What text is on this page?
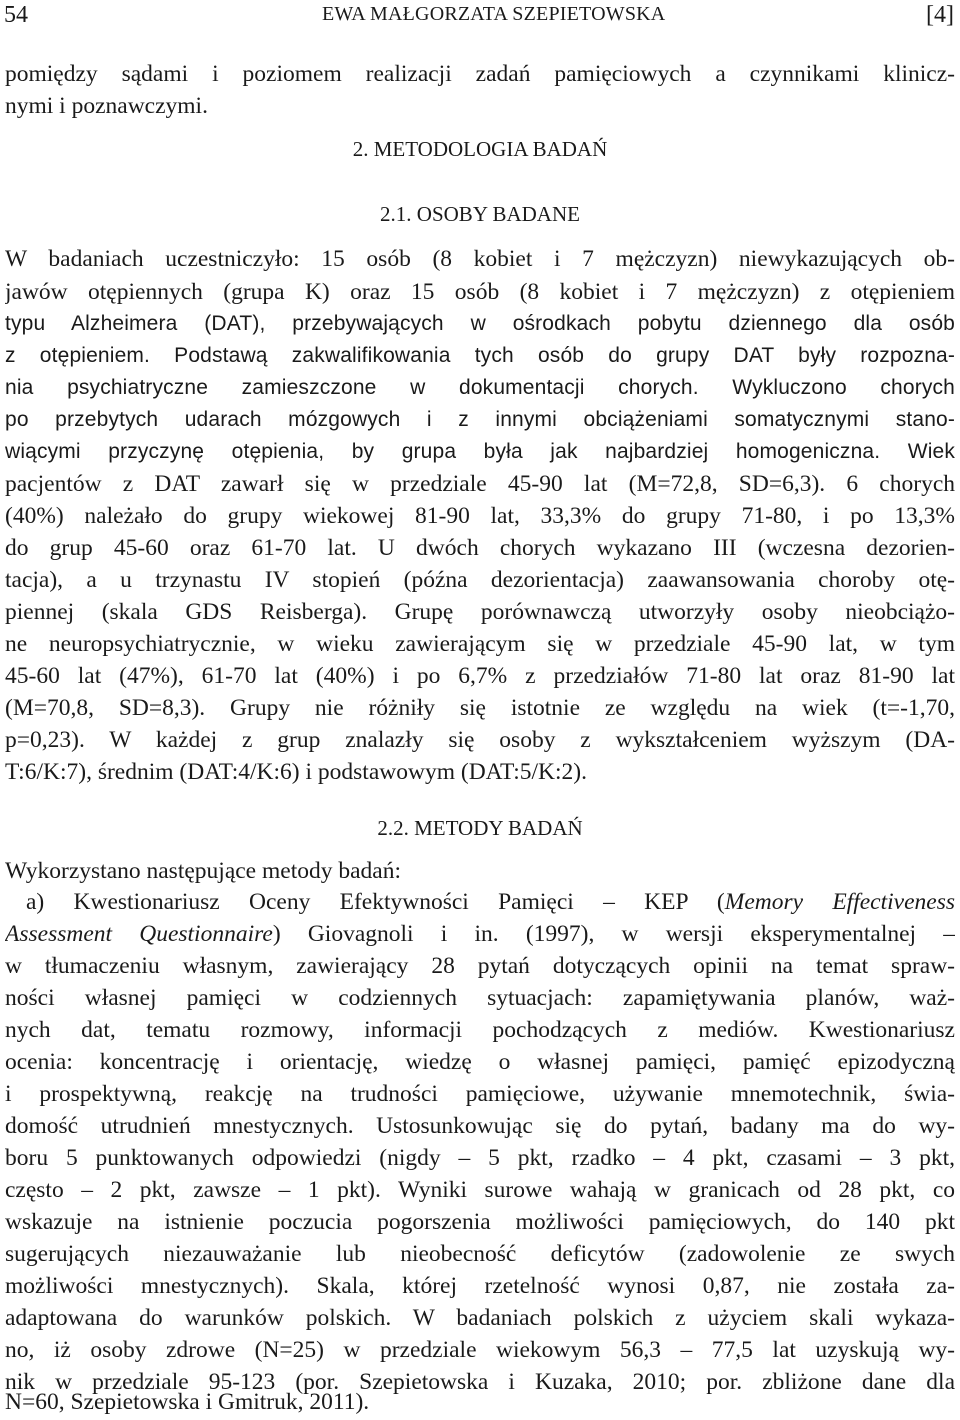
54	EWA MAŁGORZATA SZEPIETOWSKA	[4]
pomiędzy sądami i poziomem realizacji zadań pamięciowych a czynnikami klinicz-
nymi i poznawczymi.
2. METODOLOGIA BADAŃ
2.1. OSOBY BADANE
W badaniach uczestniczyło: 15 osób (8 kobiet i 7 mężczyzn) niewykazujących ob-
jawów otępiennych (grupa K) oraz 15 osób (8 kobiet i 7 mężczyzn) z otępieniem
typu Alzheimera (DAT), przebywających w ośrodkach pobytu dziennego dla osób
z otępieniem. Podstawą zakwalifikowania tych osób do grupy DAT były rozpozna-
nia psychiatryczne zamieszczone w dokumentacji chorych. Wykluczono chorych
po przebytych udarach mózgowych i z innymi obciążeniami somatycznymi stano-
wiącymi przyczynę otępienia, by grupa była jak najbardziej homogeniczna. Wiek
pacjentów z DAT zawarł się w przedziale 45-90 lat (M=72,8, SD=6,3). 6 chorych
(40%) należało do grupy wiekowej 81-90 lat, 33,3% do grupy 71-80, i po 13,3%
do grup 45-60 oraz 61-70 lat. U dwóch chorych wykazano III (wczesna dezorien-
tacja), a u trzynastu IV stopień (późna dezorientacja) zaawansowania choroby otę-
piennej (skala GDS Reisberga). Grupę porównawczą utworzyły osoby nieobciążo-
ne neuropsychiatrycznie, w wieku zawierającym się w przedziale 45-90 lat, w tym
45-60 lat (47%), 61-70 lat (40%) i po 6,7% z przedziałów 71-80 lat oraz 81-90 lat
(M=70,8, SD=8,3). Grupy nie różniły się istotnie ze względu na wiek (t=-1,70,
p=0,23). W każdej z grup znalazły się osoby z wykształceniem wyższym (DA-
T:6/K:7), średnim (DAT:4/K:6) i podstawowym (DAT:5/K:2).
2.2. METODY BADAŃ
Wykorzystano następujące metody badań:
a) Kwestionariusz Oceny Efektywności Pamięci – KEP (Memory Effectiveness
Assessment Questionnaire) Giovagnoli i in. (1997), w wersji eksperymentalnej –
w tłumaczeniu własnym, zawierający 28 pytań dotyczących opinii na temat spraw-
ności własnej pamięci w codziennych sytuacjach: zapamiętywania planów, waż-
nych dat, tematu rozmowy, informacji pochodzących z mediów. Kwestionariusz
ocenia: koncentrację i orientację, wiedzę o własnej pamięci, pamięć epizodyczną
i prospektywną, reakcję na trudności pamięciowe, używanie mnemotechnik, świa-
domość utrudnień mnestycznych. Ustosunkowując się do pytań, badany ma do wy-
boru 5 punktowanych odpowiedzi (nigdy – 5 pkt, rzadko – 4 pkt, czasami – 3 pkt,
często – 2 pkt, zawsze – 1 pkt). Wyniki surowe wahają w granicach od 28 pkt, co
wskazuje na istnienie poczucia pogorszenia możliwości pamięciowych, do 140 pkt
sugerujących niezauważanie lub nieobecność deficytów (zadowolenie ze swych
możliwości mnestycznych). Skala, której rzetelność wynosi 0,87, nie została za-
adaptowana do warunków polskich. W badaniach polskich z użyciem skali wykaza-
no, iż osoby zdrowe (N=25) w przedziale wiekowym 56,3 – 77,5 lat uzyskują wy-
nik w przedziale 95-123 (por. Szepietowska i Kuzaka, 2010; por. zbliżone dane dla
N=60, Szepietowska i Gmitruk, 2011).
